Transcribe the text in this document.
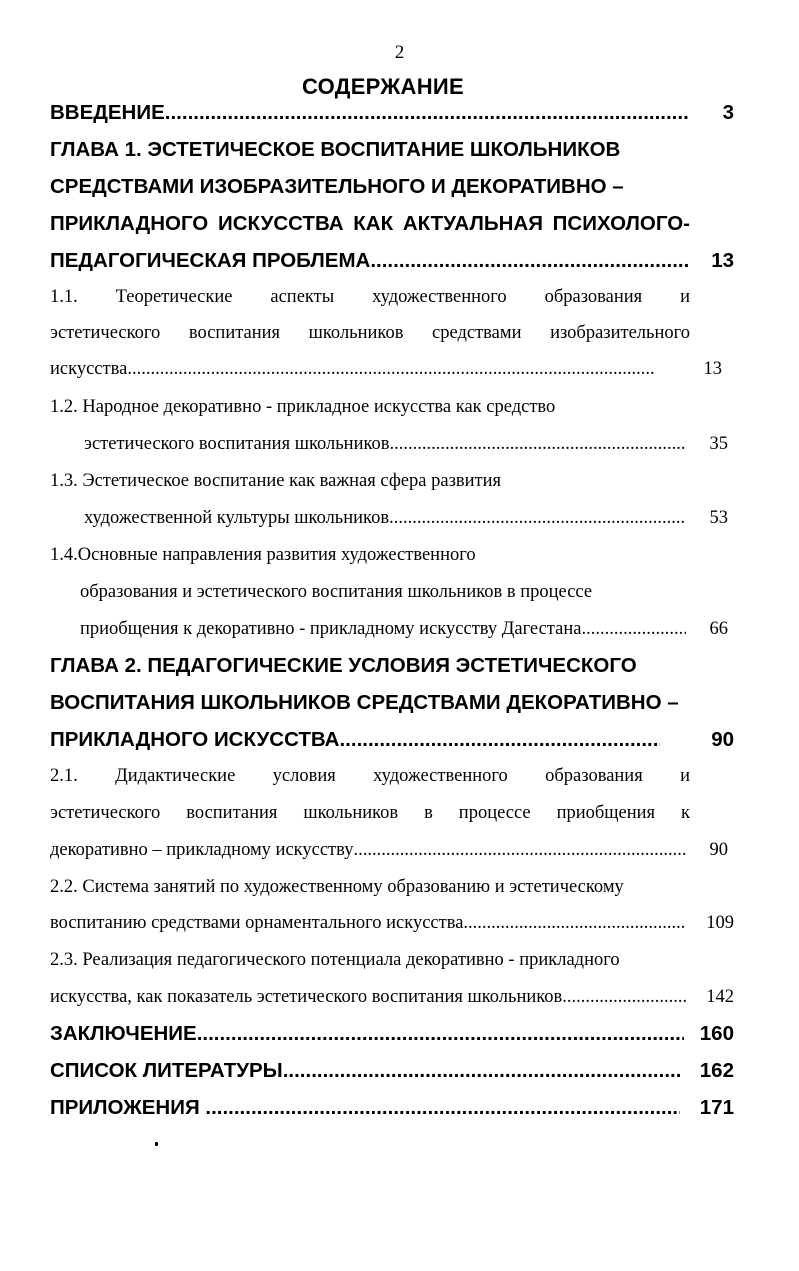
2
СОДЕРЖАНИЕ
ВВЕДЕНИЕ .....	3
ГЛАВА 1. ЭСТЕТИЧЕСКОЕ ВОСПИТАНИЕ ШКОЛЬНИКОВ
СРЕДСТВАМИ ИЗОБРАЗИТЕЛЬНОГО И ДЕКОРАТИВНО –
ПРИКЛАДНОГО ИСКУССТВА КАК АКТУАЛЬНАЯ ПСИХОЛОГО-
ПЕДАГОГИЧЕСКАЯ ПРОБЛЕМА .....	13
1.1. Теоретические аспекты художественного образования и
эстетического воспитания школьников средствами изобразительного
искусства .....	13
1.2. Народное декоративно - прикладное искусства как средство
эстетического воспитания школьников .....	35
1.3. Эстетическое воспитание как важная сфера развития
художественной культуры школьников .....	53
1.4.Основные направления развития художественного
образования и эстетического воспитания школьников в процессе
приобщения к декоративно - прикладному искусству Дагестана .....	66
ГЛАВА 2. ПЕДАГОГИЧЕСКИЕ УСЛОВИЯ ЭСТЕТИЧЕСКОГО
ВОСПИТАНИЯ ШКОЛЬНИКОВ СРЕДСТВАМИ ДЕКОРАТИВНО –
ПРИКЛАДНОГО ИСКУССТВА .....	90
2.1. Дидактические условия художественного образования и
эстетического воспитания школьников в процессе приобщения к
декоративно – прикладному искусству .....	90
2.2. Система занятий по художественному образованию и эстетическому
воспитанию средствами орнаментального искусства .....	109
2.3. Реализация педагогического потенциала декоративно - прикладного
искусства, как показатель эстетического воспитания школьников .....	142
ЗАКЛЮЧЕНИЕ .....	160
СПИСОК ЛИТЕРАТУРЫ .....	162
ПРИЛОЖЕНИЯ .....	171
